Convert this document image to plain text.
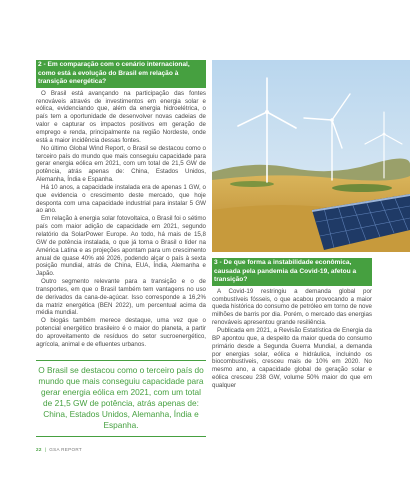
2 - Em comparação com o cenário internacional, como está a evolução do Brasil em relação à transição energética?

O Brasil está avançando na participação das fontes renováveis através de investimentos em energia solar e eólica, evidenciando que, além da energia hidroelétrica, o país tem a oportunidade de desenvolver novas cadeias de valor e capturar os impactos positivos em geração de emprego e renda, principalmente na região Nordeste, onde está a maior incidência dessas fontes.

No último Global Wind Report, o Brasil se destacou como o terceiro país do mundo que mais conseguiu capacidade para gerar energia eólica em 2021, com um total de 21,5 GW de potência, atrás apenas de: China, Estados Unidos, Alemanha, Índia e Espanha.

Há 10 anos, a capacidade instalada era de apenas 1 GW, o que evidencia o crescimento deste mercado, que hoje desponta com uma capacidade industrial para instalar 5 GW ao ano.

Em relação à energia solar fotovoltaica, o Brasil foi o sétimo país com maior adição de capacidade em 2021, segundo relatório da SolarPower Europe. Ao todo, há mais de 15,8 GW de potência instalada, o que já torna o Brasil o líder na América Latina e as projeções apontam para um crescimento anual de quase 40% até 2026, podendo alçar o país à sexta posição mundial, atrás de China, EUA, Índia, Alemanha e Japão.

Outro segmento relevante para a transição e o de transportes, em que o Brasil também tem vantagens no uso de derivados da cana-de-açúcar. Isso corresponde a 16,2% da matriz energética (BEN 2022), um percentual acima da média mundial.

O biogás também merece destaque, uma vez que o potencial energético brasileiro é o maior do planeta, a partir do aproveitamento de resíduos do setor sucroenergético, agrícola, animal e de efluentes urbanos.

O Brasil se destacou como o terceiro país do mundo que mais conseguiu capacidade para gerar energia eólica em 2021, com um total de 21,5 GW de potência, atrás apenas de: China, Estados Unidos, Alemanha, Índia e Espanha.
3 - De que forma a instabilidade econômica, causada pela pandemia da Covid-19, afetou a transição?

A Covid-19 restringiu a demanda global por combustíveis fósseis, o que acabou provocando a maior queda histórica do consumo de petróleo em torno de nove milhões de barris por dia. Porém, o mercado das energias renováveis apresentou grande resiliência.

Publicada em 2021, a Revisão Estatística de Energia da BP apontou que, a despeito da maior queda do consumo primário desde a Segunda Guerra Mundial, a demanda por energias solar, eólica e hidráulica, incluindo os biocombustíveis, cresceu mais de 10% em 2020. No mesmo ano, a capacidade global de geração solar e eólica cresceu 238 GW, volume 50% maior do que em qualquer

22 | GSA REPORT
